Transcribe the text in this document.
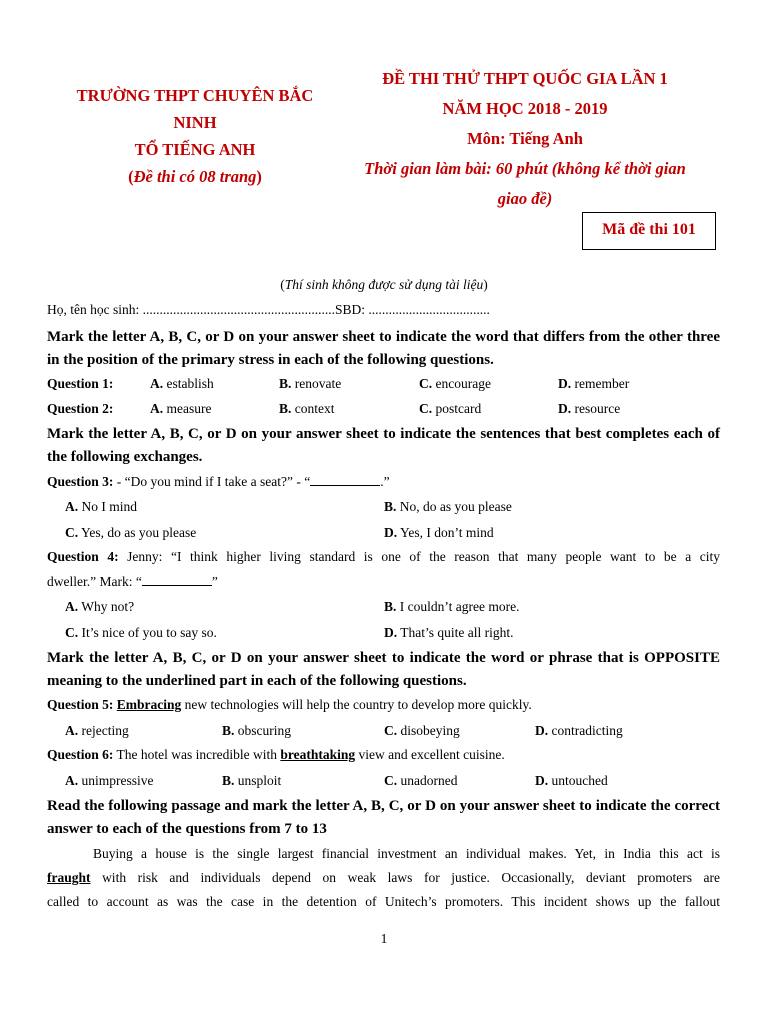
TRƯỜNG THPT CHUYÊN BẮC
NINH
TỔ TIẾNG ANH
(Đề thi có 08 trang)
ĐỀ THI THỬ THPT QUỐC GIA LẦN 1
NĂM HỌC 2018 - 2019
Môn: Tiếng Anh
Thời gian làm bài: 60 phút (không kể thời gian
giao đề)
Mã đề thi 101
(Thí sinh không được sử dụng tài liệu)
Họ, tên học sinh: .........................................................SBD: ....................................
Mark the letter A, B, C, or D on your answer sheet to indicate the word that differs from the other three in the position of the primary stress in each of the following questions.
Question 1:	A. establish	B. renovate	C. encourage	D. remember
Question 2:	A. measure	B. context	C. postcard	D. resource
Mark the letter A, B, C, or D on your answer sheet to indicate the sentences that best completes each of the following exchanges.
Question 3: - “Do you mind if I take a seat?” - “	.”
A. No I mind	B. No, do as you please
C. Yes, do as you please	D. Yes, I don’t mind
Question 4: Jenny: “I think higher living standard is one of the reason that many people want to be a city
dweller.” Mark: “	”
A. Why not?	B. I couldn’t agree more.
C. It’s nice of you to say so.	D. That’s quite all right.
Mark the letter A, B, C, or D on your answer sheet to indicate the word or phrase that is OPPOSITE meaning to the underlined part in each of the following questions.
Question 5: Embracing new technologies will help the country to develop more quickly.
A. rejecting	B. obscuring	C. disobeying	D. contradicting
Question 6: The hotel was incredible with breathtaking view and excellent cuisine.
A. unimpressive	B. unsploit	C. unadorned	D. untouched
Read the following passage and mark the letter A, B, C, or D on your answer sheet to indicate the correct answer to each of the questions from 7 to 13
Buying a house is the single largest financial investment an individual makes. Yet, in India this act is
fraught with risk and individuals depend on weak laws for justice. Occasionally, deviant promoters are
called to account as was the case in the detention of Unitech’s promoters. This incident shows up the fallout
1
